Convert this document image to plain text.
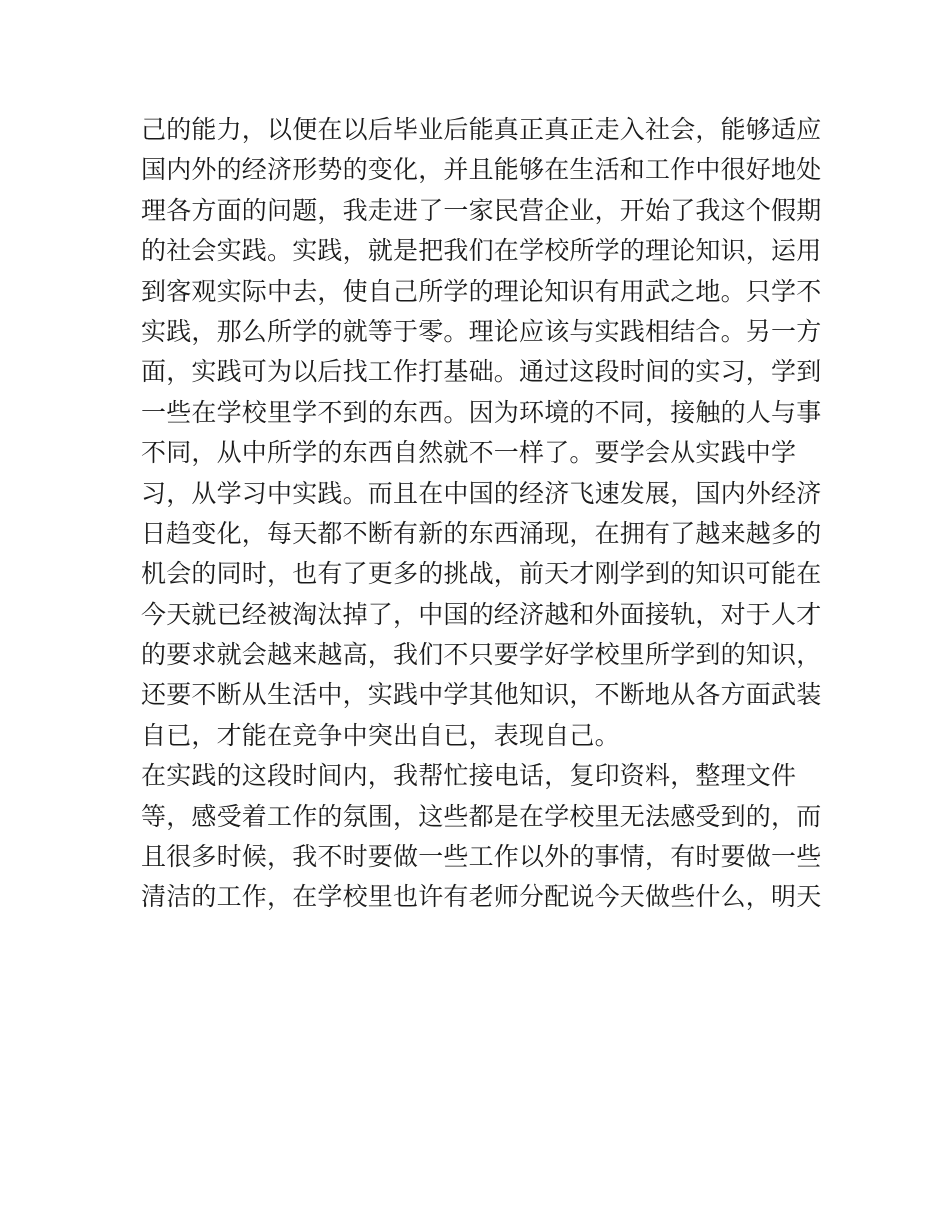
己的能力，以便在以后毕业后能真正真正走入社会，能够适应
国内外的经济形势的变化，并且能够在生活和工作中很好地处
理各方面的问题，我走进了一家民营企业，开始了我这个假期
的社会实践。实践，就是把我们在学校所学的理论知识，运用
到客观实际中去，使自己所学的理论知识有用武之地。只学不
实践，那么所学的就等于零。理论应该与实践相结合。另一方
面，实践可为以后找工作打基础。通过这段时间的实习，学到
一些在学校里学不到的东西。因为环境的不同，接触的人与事
不同，从中所学的东西自然就不一样了。要学会从实践中学
习，从学习中实践。而且在中国的经济飞速发展，国内外经济
日趋变化，每天都不断有新的东西涌现，在拥有了越来越多的
机会的同时，也有了更多的挑战，前天才刚学到的知识可能在
今天就已经被淘汰掉了，中国的经济越和外面接轨，对于人才
的要求就会越来越高，我们不只要学好学校里所学到的知识，
还要不断从生活中，实践中学其他知识，不断地从各方面武装
自已，才能在竞争中突出自已，表现自己。
在实践的这段时间内，我帮忙接电话，复印资料，整理文件
等，感受着工作的氛围，这些都是在学校里无法感受到的，而
且很多时候，我不时要做一些工作以外的事情，有时要做一些
清洁的工作，在学校里也许有老师分配说今天做些什么，明天
